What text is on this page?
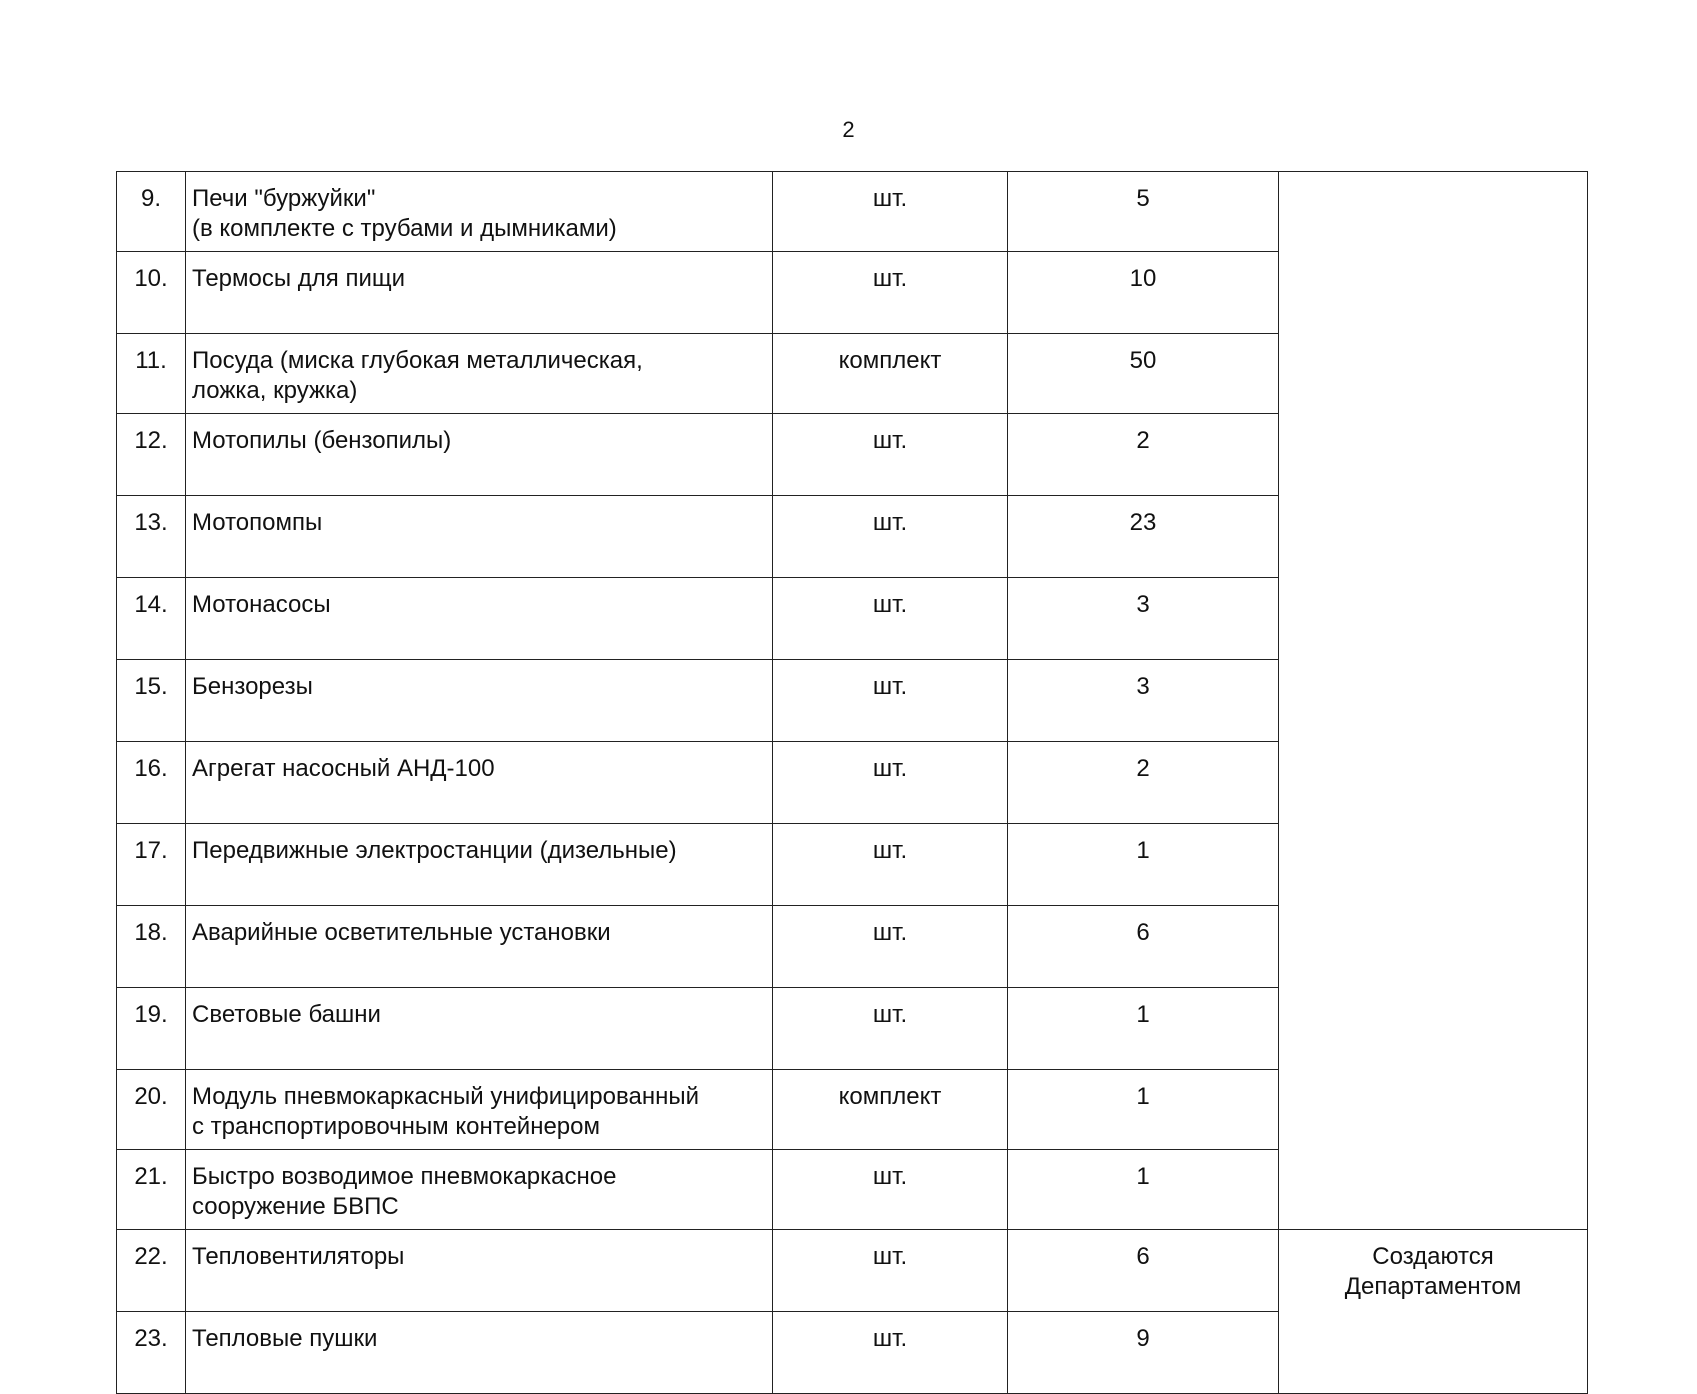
2
9.	Печи "буржуйки"
(в комплекте с трубами и дымниками)	шт.	5	
10.	Термосы для пищи	шт.	10	
11.	Посуда (миска глубокая металлическая,
ложка, кружка)	комплект	50	
12.	Мотопилы (бензопилы)	шт.	2	
13.	Мотопомпы	шт.	23	
14.	Мотонасосы	шт.	3	
15.	Бензорезы	шт.	3	
16.	Агрегат насосный АНД-100	шт.	2	
17.	Передвижные электростанции (дизельные)	шт.	1	
18.	Аварийные осветительные установки	шт.	6	
19.	Световые башни	шт.	1	
20.	Модуль пневмокаркасный унифицированный
с транспортировочным контейнером	комплект	1	
21.	Быстро возводимое пневмокаркасное
сооружение БВПС	шт.	1	
22.	Тепловентиляторы	шт.	6	Создаются
Департаментом

23.	Тепловые пушки	шт.	9	
